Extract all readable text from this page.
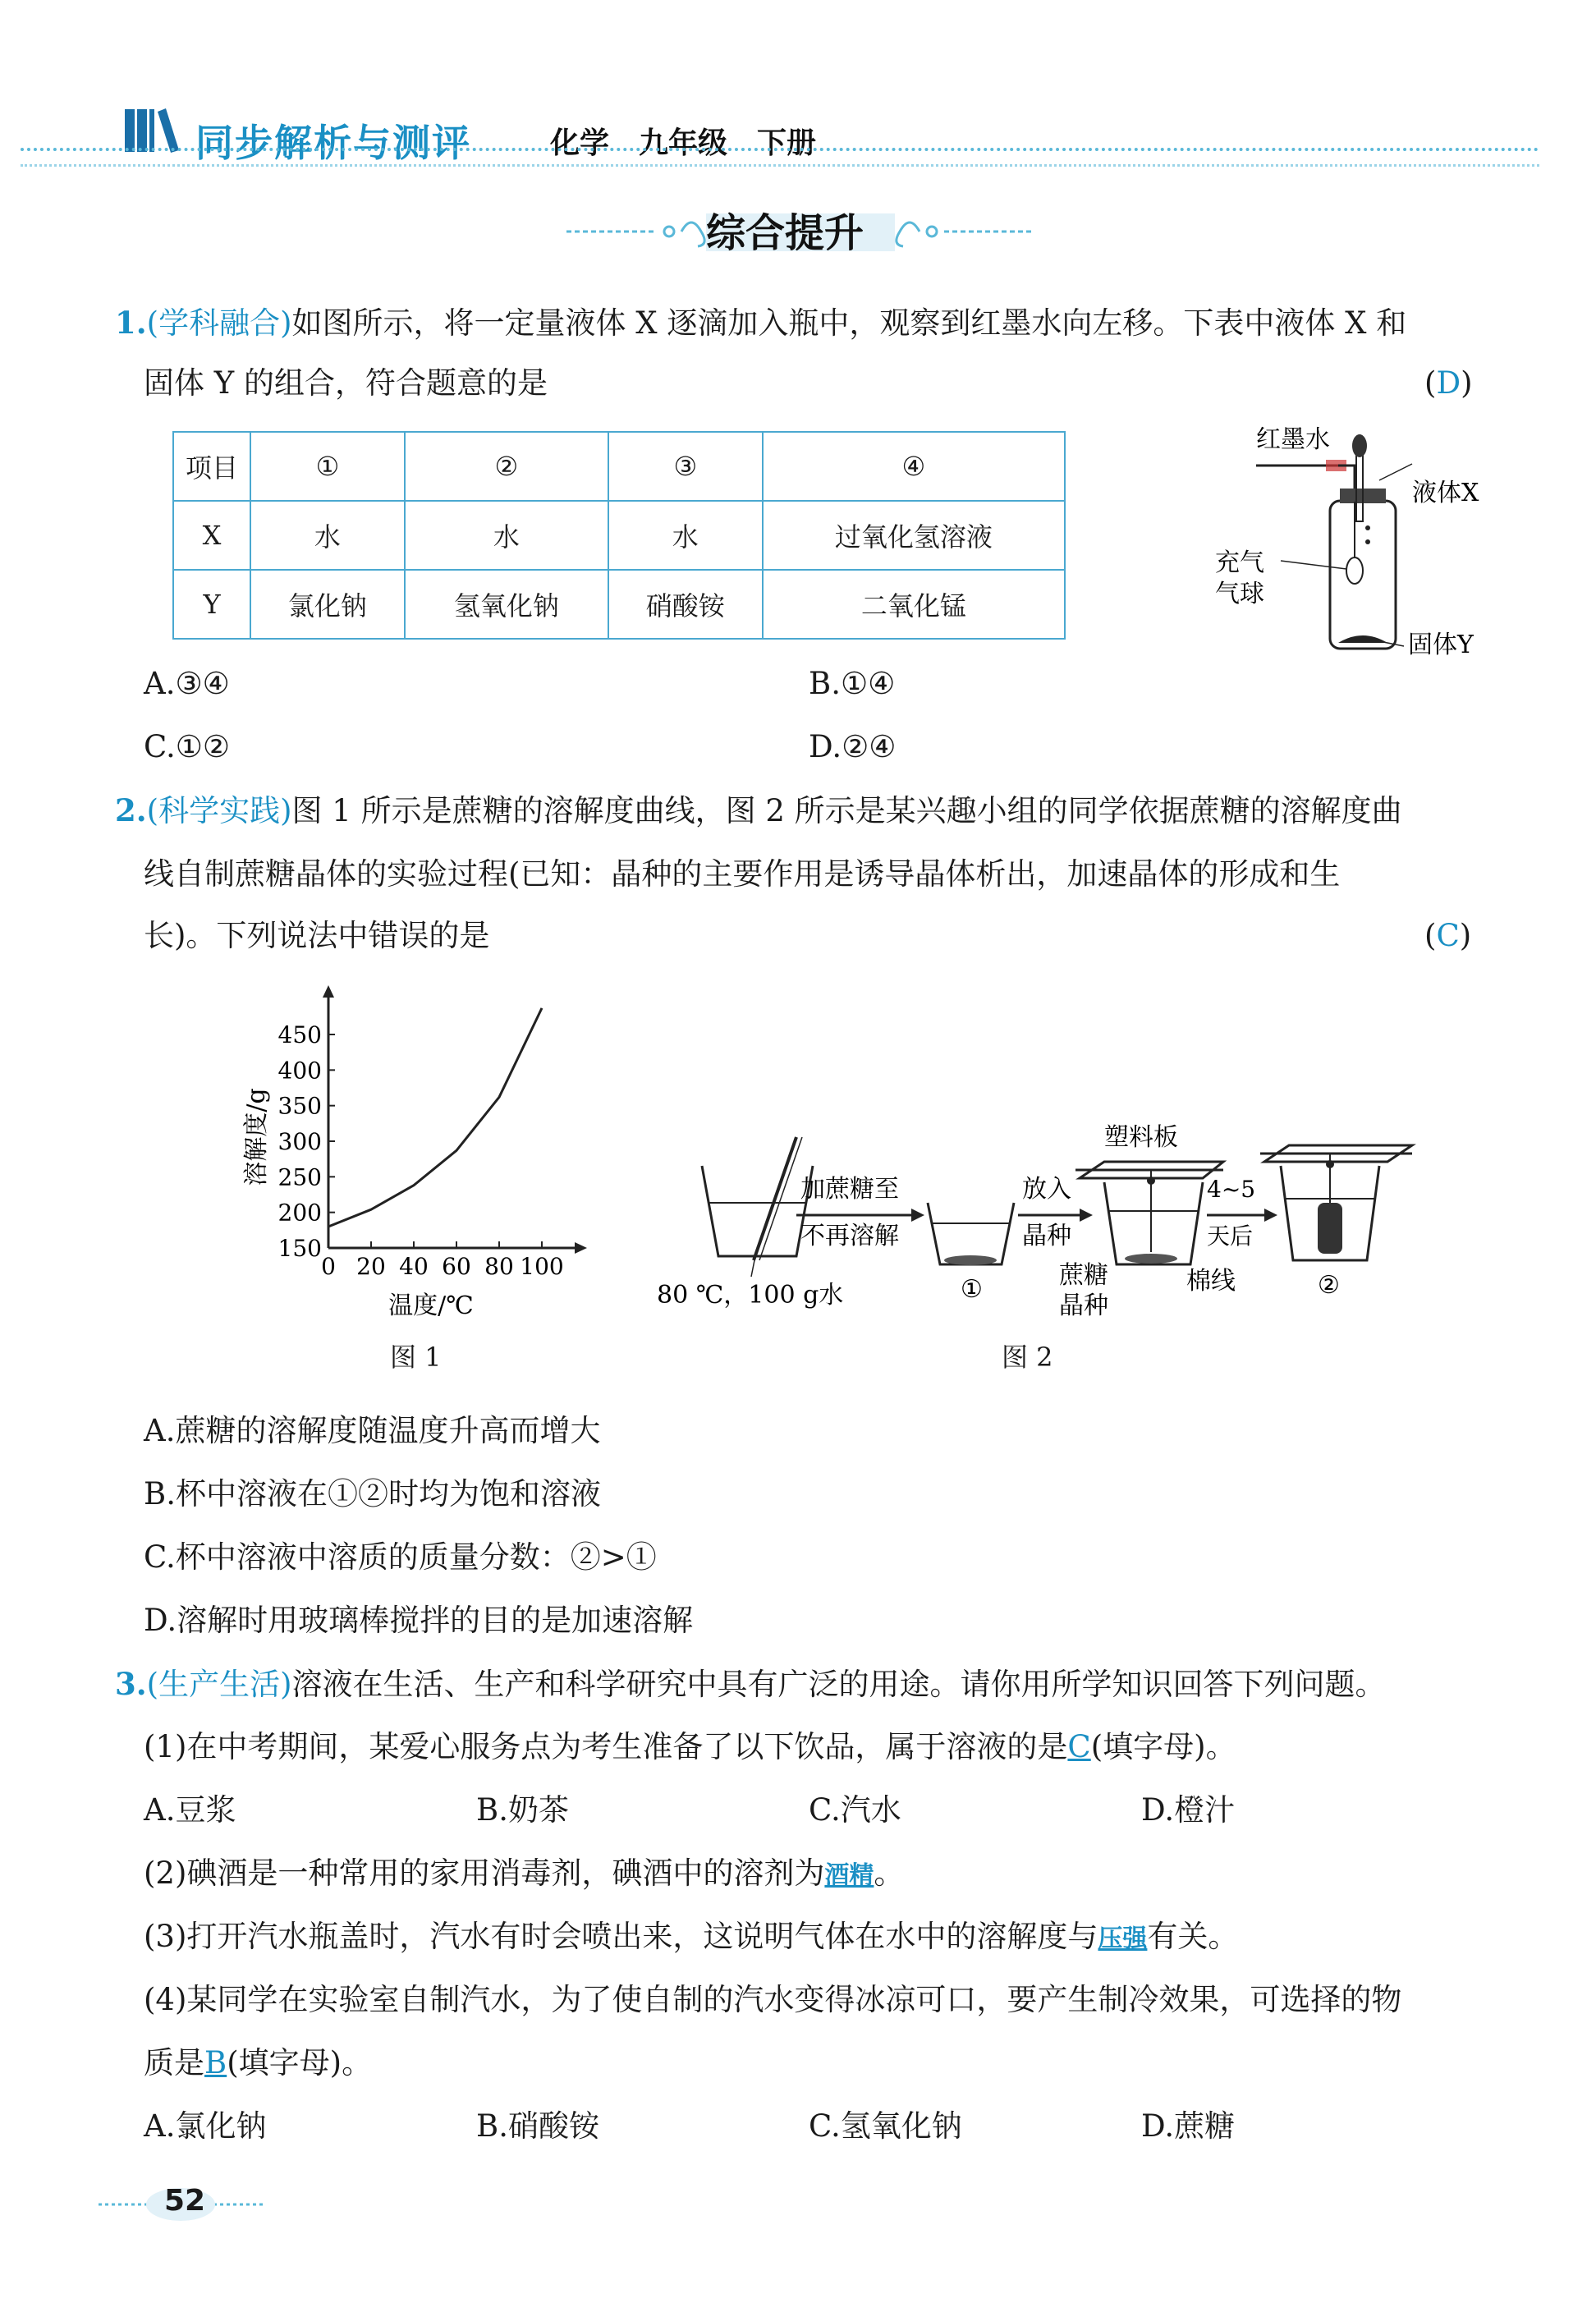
同步解析与测评	化学　九年级　下册
综合提升
1.(学科融合)如图所示，将一定量液体 X 逐滴加入瓶中，观察到红墨水向左移。下表中液体 X 和
固体 Y 的组合，符合题意的是	(D)
项目	①	②	③	④
X	水	水	水	过氧化氢溶液
Y	氯化钠	氢氧化钠	硝酸铵	二氧化锰
红墨水
液体X
充气
气球
固体Y
A.③④	B.①④
C.①②	D.②④
2.(科学实践)图 1 所示是蔗糖的溶解度曲线，图 2 所示是某兴趣小组的同学依据蔗糖的溶解度曲
线自制蔗糖晶体的实验过程(已知：晶种的主要作用是诱导晶体析出，加速晶体的形成和生
长)。下列说法中错误的是	(C)
0 20 40 60 80 100
150
200
250
300
350
400
450
温度/℃
溶解度/g
图 1
80 ℃，100 g水
加蔗糖至
不再溶解
①
放入
晶种
塑料板
蔗糖
晶种
棉线
4~5
天后
②
图 2
A.蔗糖的溶解度随温度升高而增大
B.杯中溶液在①②时均为饱和溶液
C.杯中溶液中溶质的质量分数：②>①
D.溶解时用玻璃棒搅拌的目的是加速溶解
3.(生产生活)溶液在生活、生产和科学研究中具有广泛的用途。请你用所学知识回答下列问题。
(1)在中考期间，某爱心服务点为考生准备了以下饮品，属于溶液的是C(填字母)。
A.豆浆	B.奶茶	C.汽水	D.橙汁
(2)碘酒是一种常用的家用消毒剂，碘酒中的溶剂为酒精。
(3)打开汽水瓶盖时，汽水有时会喷出来，这说明气体在水中的溶解度与压强有关。
(4)某同学在实验室自制汽水，为了使自制的汽水变得冰凉可口，要产生制冷效果，可选择的物
质是B(填字母)。
A.氯化钠	B.硝酸铵	C.氢氧化钠	D.蔗糖
52
